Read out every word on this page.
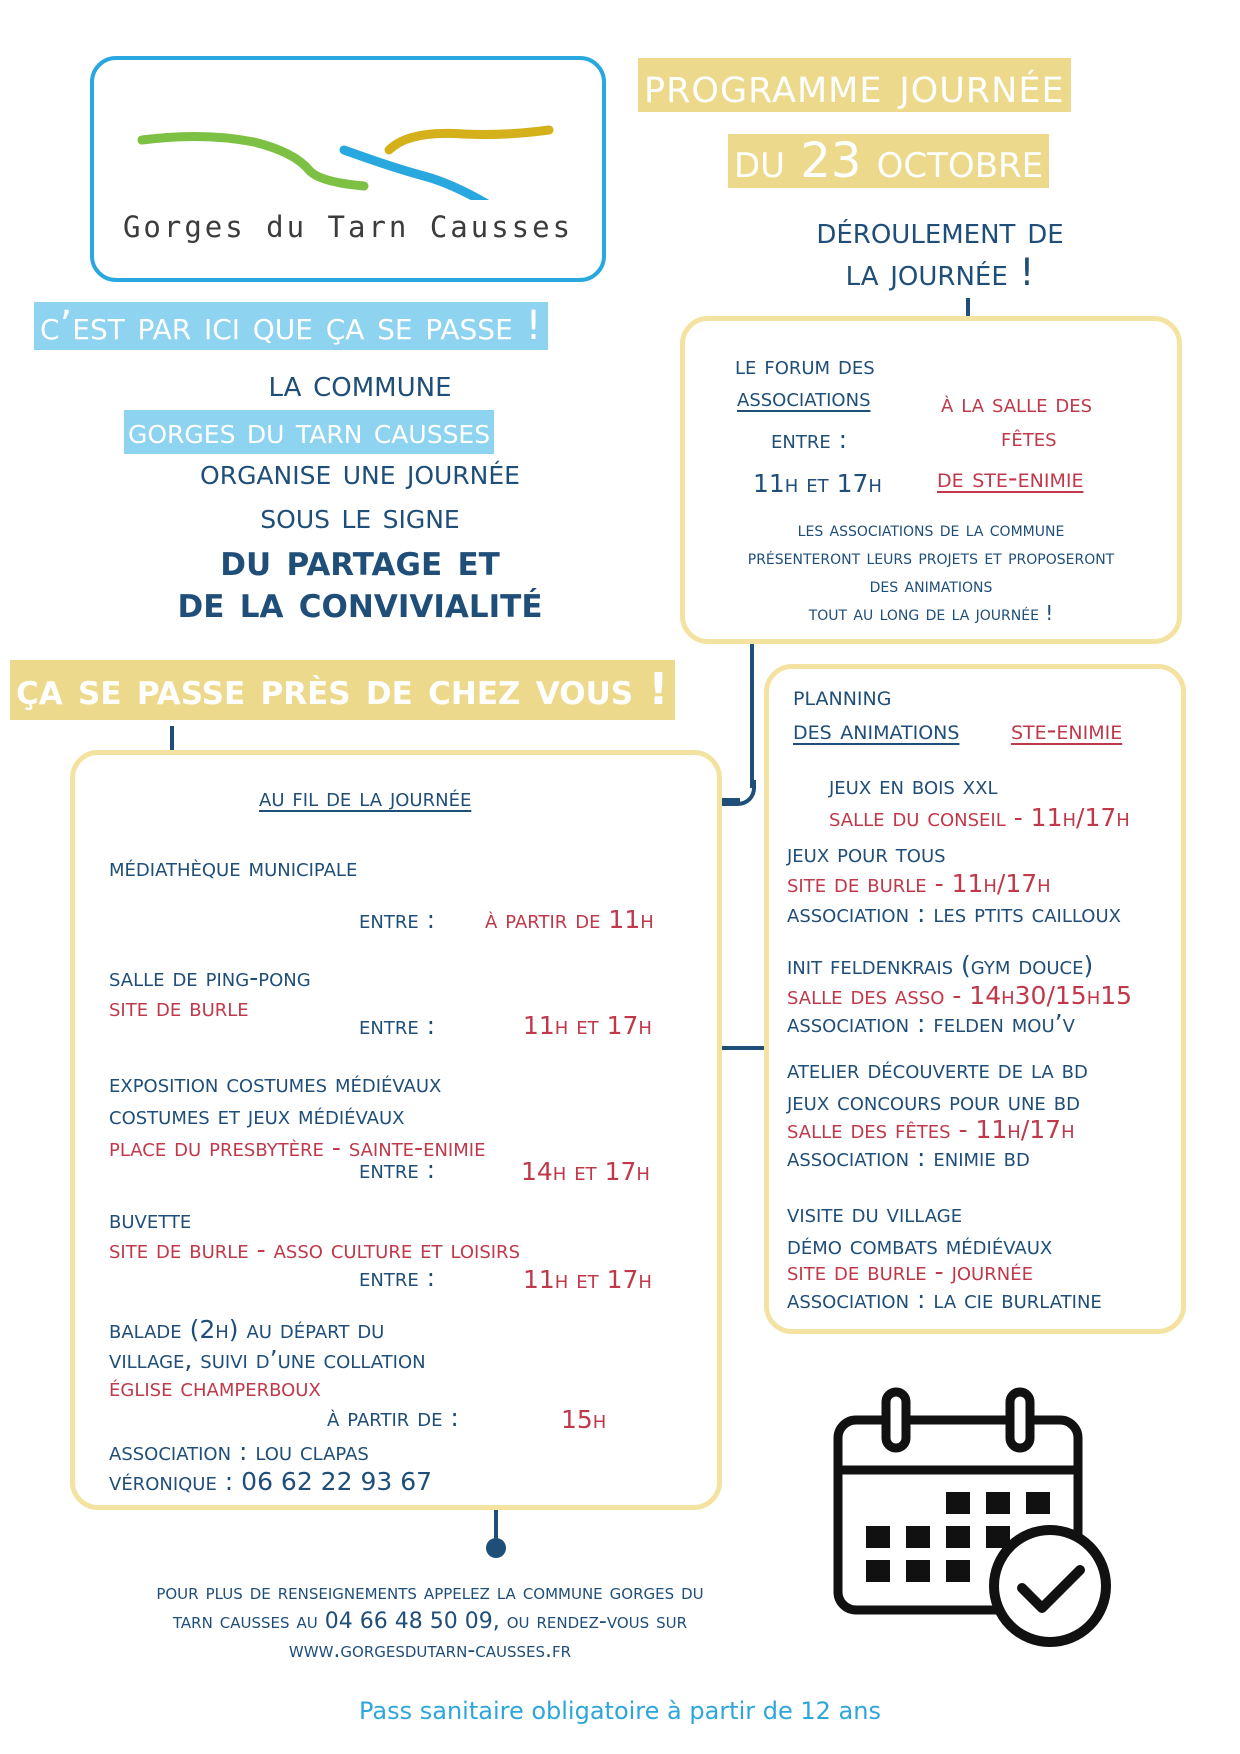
Gorges du Tarn Causses
programme journée
du 23 octobre
déroulement de
la journée !
c’est par ici que ça se passe !
la commune
gorges du tarn causses
organise une journée
sous le signe
du partage et
de la convivialité
ça se passe près de chez vous !
le forum des
associations
entre :
11h et 17h
à la salle des
fêtes
de ste-enimie
les associations de la commune
présenteront leurs projets et proposeront
des animations
tout au long de la journée !
planning
des animations ste-enimie
jeux en bois xxl
salle du conseil - 11h/17h
jeux pour tous
site de burle - 11h/17h
association : les ptits cailloux
init feldenkrais (gym douce)
salle des asso - 14h30/15h15
association : felden mou’v
atelier découverte de la bd
jeux concours pour une bd
salle des fêtes - 11h/17h
association : enimie bd
visite du village
démo combats médiévaux
site de burle - journée
association : la cie burlatine
au fil de la journée
médiathèque municipale
entre : à partir de 11h
salle de ping-pong
site de burle
entre :	11h et 17h
exposition costumes médiévaux
costumes et jeux médiévaux
place du presbytère - sainte-enimie
entre :	14h et 17h
buvette
site de burle - asso culture et loisirs
entre :	11h et 17h
balade (2h) au départ du
village, suivi d’une collation
église champerboux
à partir de :	15h
association : lou clapas
véronique : 06 62 22 93 67
pour plus de renseignements appelez la commune gorges du
tarn causses au 04 66 48 50 09, ou rendez-vous sur
www.gorgesdutarn-causses.fr
Pass sanitaire obligatoire à partir de 12 ans
